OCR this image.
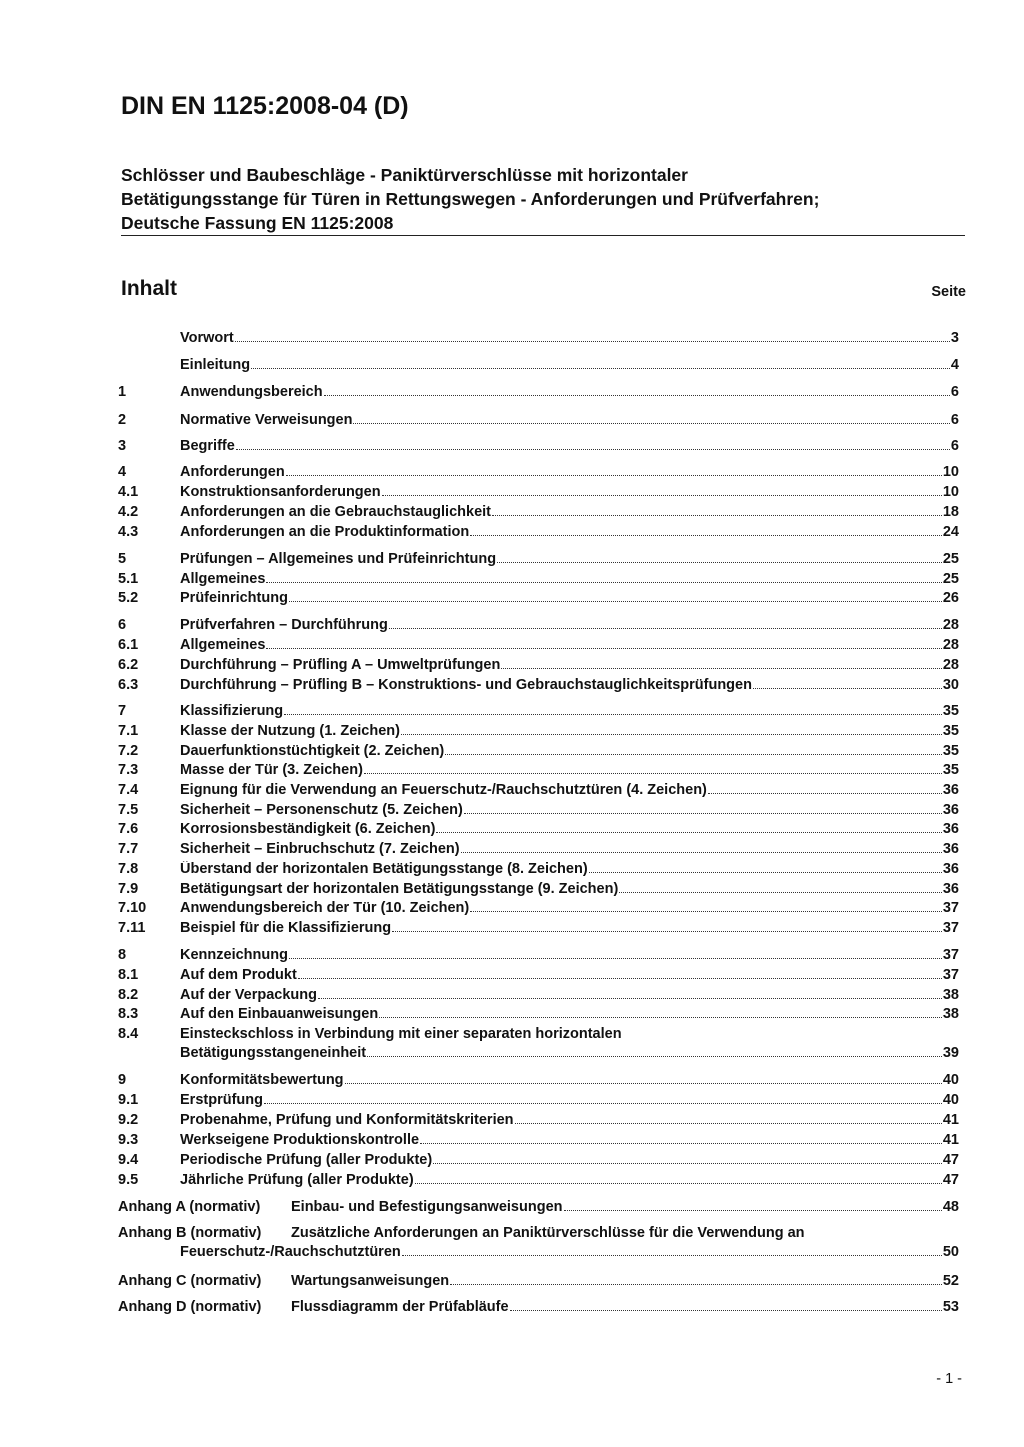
DIN EN 1125:2008-04 (D)
Schlösser und Baubeschläge - Paniktürverschlüsse mit horizontaler
Betätigungsstange für Türen in Rettungswegen - Anforderungen und Prüfverfahren;
Deutsche Fassung EN 1125:2008
Inhalt	Seite
Vorwort	3
Einleitung	4
1	Anwendungsbereich	6
2	Normative Verweisungen	6
3	Begriffe	6
4	Anforderungen	10
4.1	Konstruktionsanforderungen	10
4.2	Anforderungen an die Gebrauchstauglichkeit	18
4.3	Anforderungen an die Produktinformation	24
5	Prüfungen – Allgemeines und Prüfeinrichtung	25
5.1	Allgemeines	25
5.2	Prüfeinrichtung	26
6	Prüfverfahren – Durchführung	28
6.1	Allgemeines	28
6.2	Durchführung – Prüfling A – Umweltprüfungen	28
6.3	Durchführung – Prüfling B – Konstruktions- und Gebrauchstauglichkeitsprüfungen	30
7	Klassifizierung	35
7.1	Klasse der Nutzung (1. Zeichen)	35
7.2	Dauerfunktionstüchtigkeit (2. Zeichen)	35
7.3	Masse der Tür (3. Zeichen)	35
7.4	Eignung für die Verwendung an Feuerschutz-/Rauchschutztüren (4. Zeichen)	36
7.5	Sicherheit – Personenschutz (5. Zeichen)	36
7.6	Korrosionsbeständigkeit (6. Zeichen)	36
7.7	Sicherheit – Einbruchschutz (7. Zeichen)	36
7.8	Überstand der horizontalen Betätigungsstange (8. Zeichen)	36
7.9	Betätigungsart der horizontalen Betätigungsstange (9. Zeichen)	36
7.10	Anwendungsbereich der Tür (10. Zeichen)	37
7.11	Beispiel für die Klassifizierung	37
8	Kennzeichnung	37
8.1	Auf dem Produkt	37
8.2	Auf der Verpackung	38
8.3	Auf den Einbauanweisungen	38
8.4	Einsteckschloss in Verbindung mit einer separaten horizontalen
Betätigungsstangeneinheit	39
9	Konformitätsbewertung	40
9.1	Erstprüfung	40
9.2	Probenahme, Prüfung und Konformitätskriterien	41
9.3	Werkseigene Produktionskontrolle	41
9.4	Periodische Prüfung (aller Produkte)	47
9.5	Jährliche Prüfung (aller Produkte)	47
Anhang A (normativ)	Einbau- und Befestigungsanweisungen	48
Anhang B (normativ)	Zusätzliche Anforderungen an Paniktürverschlüsse für die Verwendung an
Feuerschutz-/Rauchschutztüren	50
Anhang C (normativ)	Wartungsanweisungen	52
Anhang D (normativ)	Flussdiagramm der Prüfabläufe	53
- 1 -
